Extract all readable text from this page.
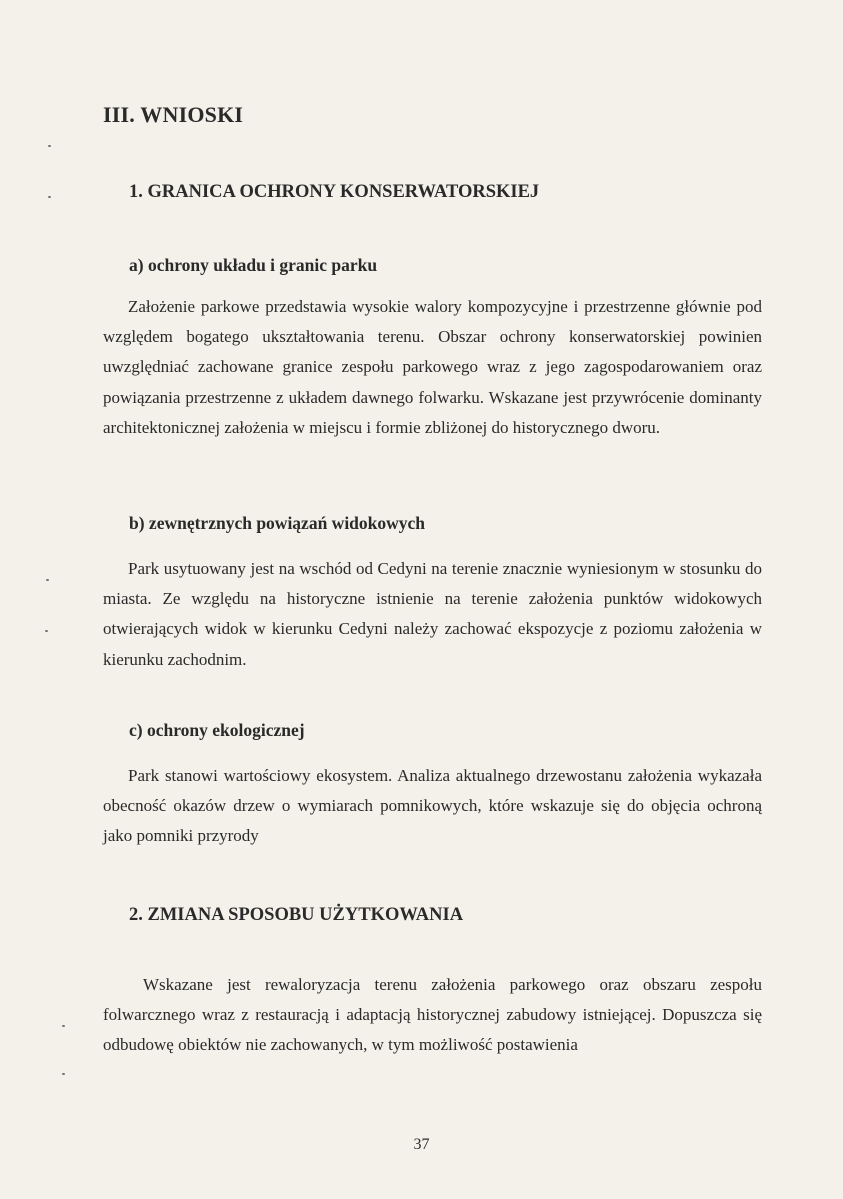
III. WNIOSKI
1. GRANICA OCHRONY KONSERWATORSKIEJ
a) ochrony układu i granic parku

Założenie parkowe przedstawia wysokie walory kompozycyjne i przestrzenne głównie pod względem bogatego ukształtowania terenu. Obszar ochrony konserwatorskiej powinien uwzględniać zachowane granice zespołu parkowego wraz z jego zagospodarowaniem oraz powiązania przestrzenne z układem dawnego folwarku. Wskazane jest przywrócenie dominanty architektonicznej założenia w miejscu i formie zbliżonej do historycznego dworu.

b) zewnętrznych powiązań widokowych

Park usytuowany jest na wschód od Cedyni na terenie znacznie wyniesionym w stosunku do miasta. Ze względu na historyczne istnienie na terenie założenia punktów widokowych otwierających widok w kierunku Cedyni należy zachować ekspozycje z poziomu założenia w kierunku zachodnim.

c) ochrony ekologicznej

Park stanowi wartościowy ekosystem. Analiza aktualnego drzewostanu założenia wykazała obecność okazów drzew o wymiarach pomnikowych, które wskazuje się do objęcia ochroną jako pomniki przyrody

2. ZMIANA SPOSOBU UŻYTKOWANIA

Wskazane jest rewaloryzacja terenu założenia parkowego oraz obszaru zespołu folwarcznego wraz z restauracją i adaptacją historycznej zabudowy istniejącej. Dopuszcza się odbudowę obiektów nie zachowanych, w tym możliwość postawienia

37
